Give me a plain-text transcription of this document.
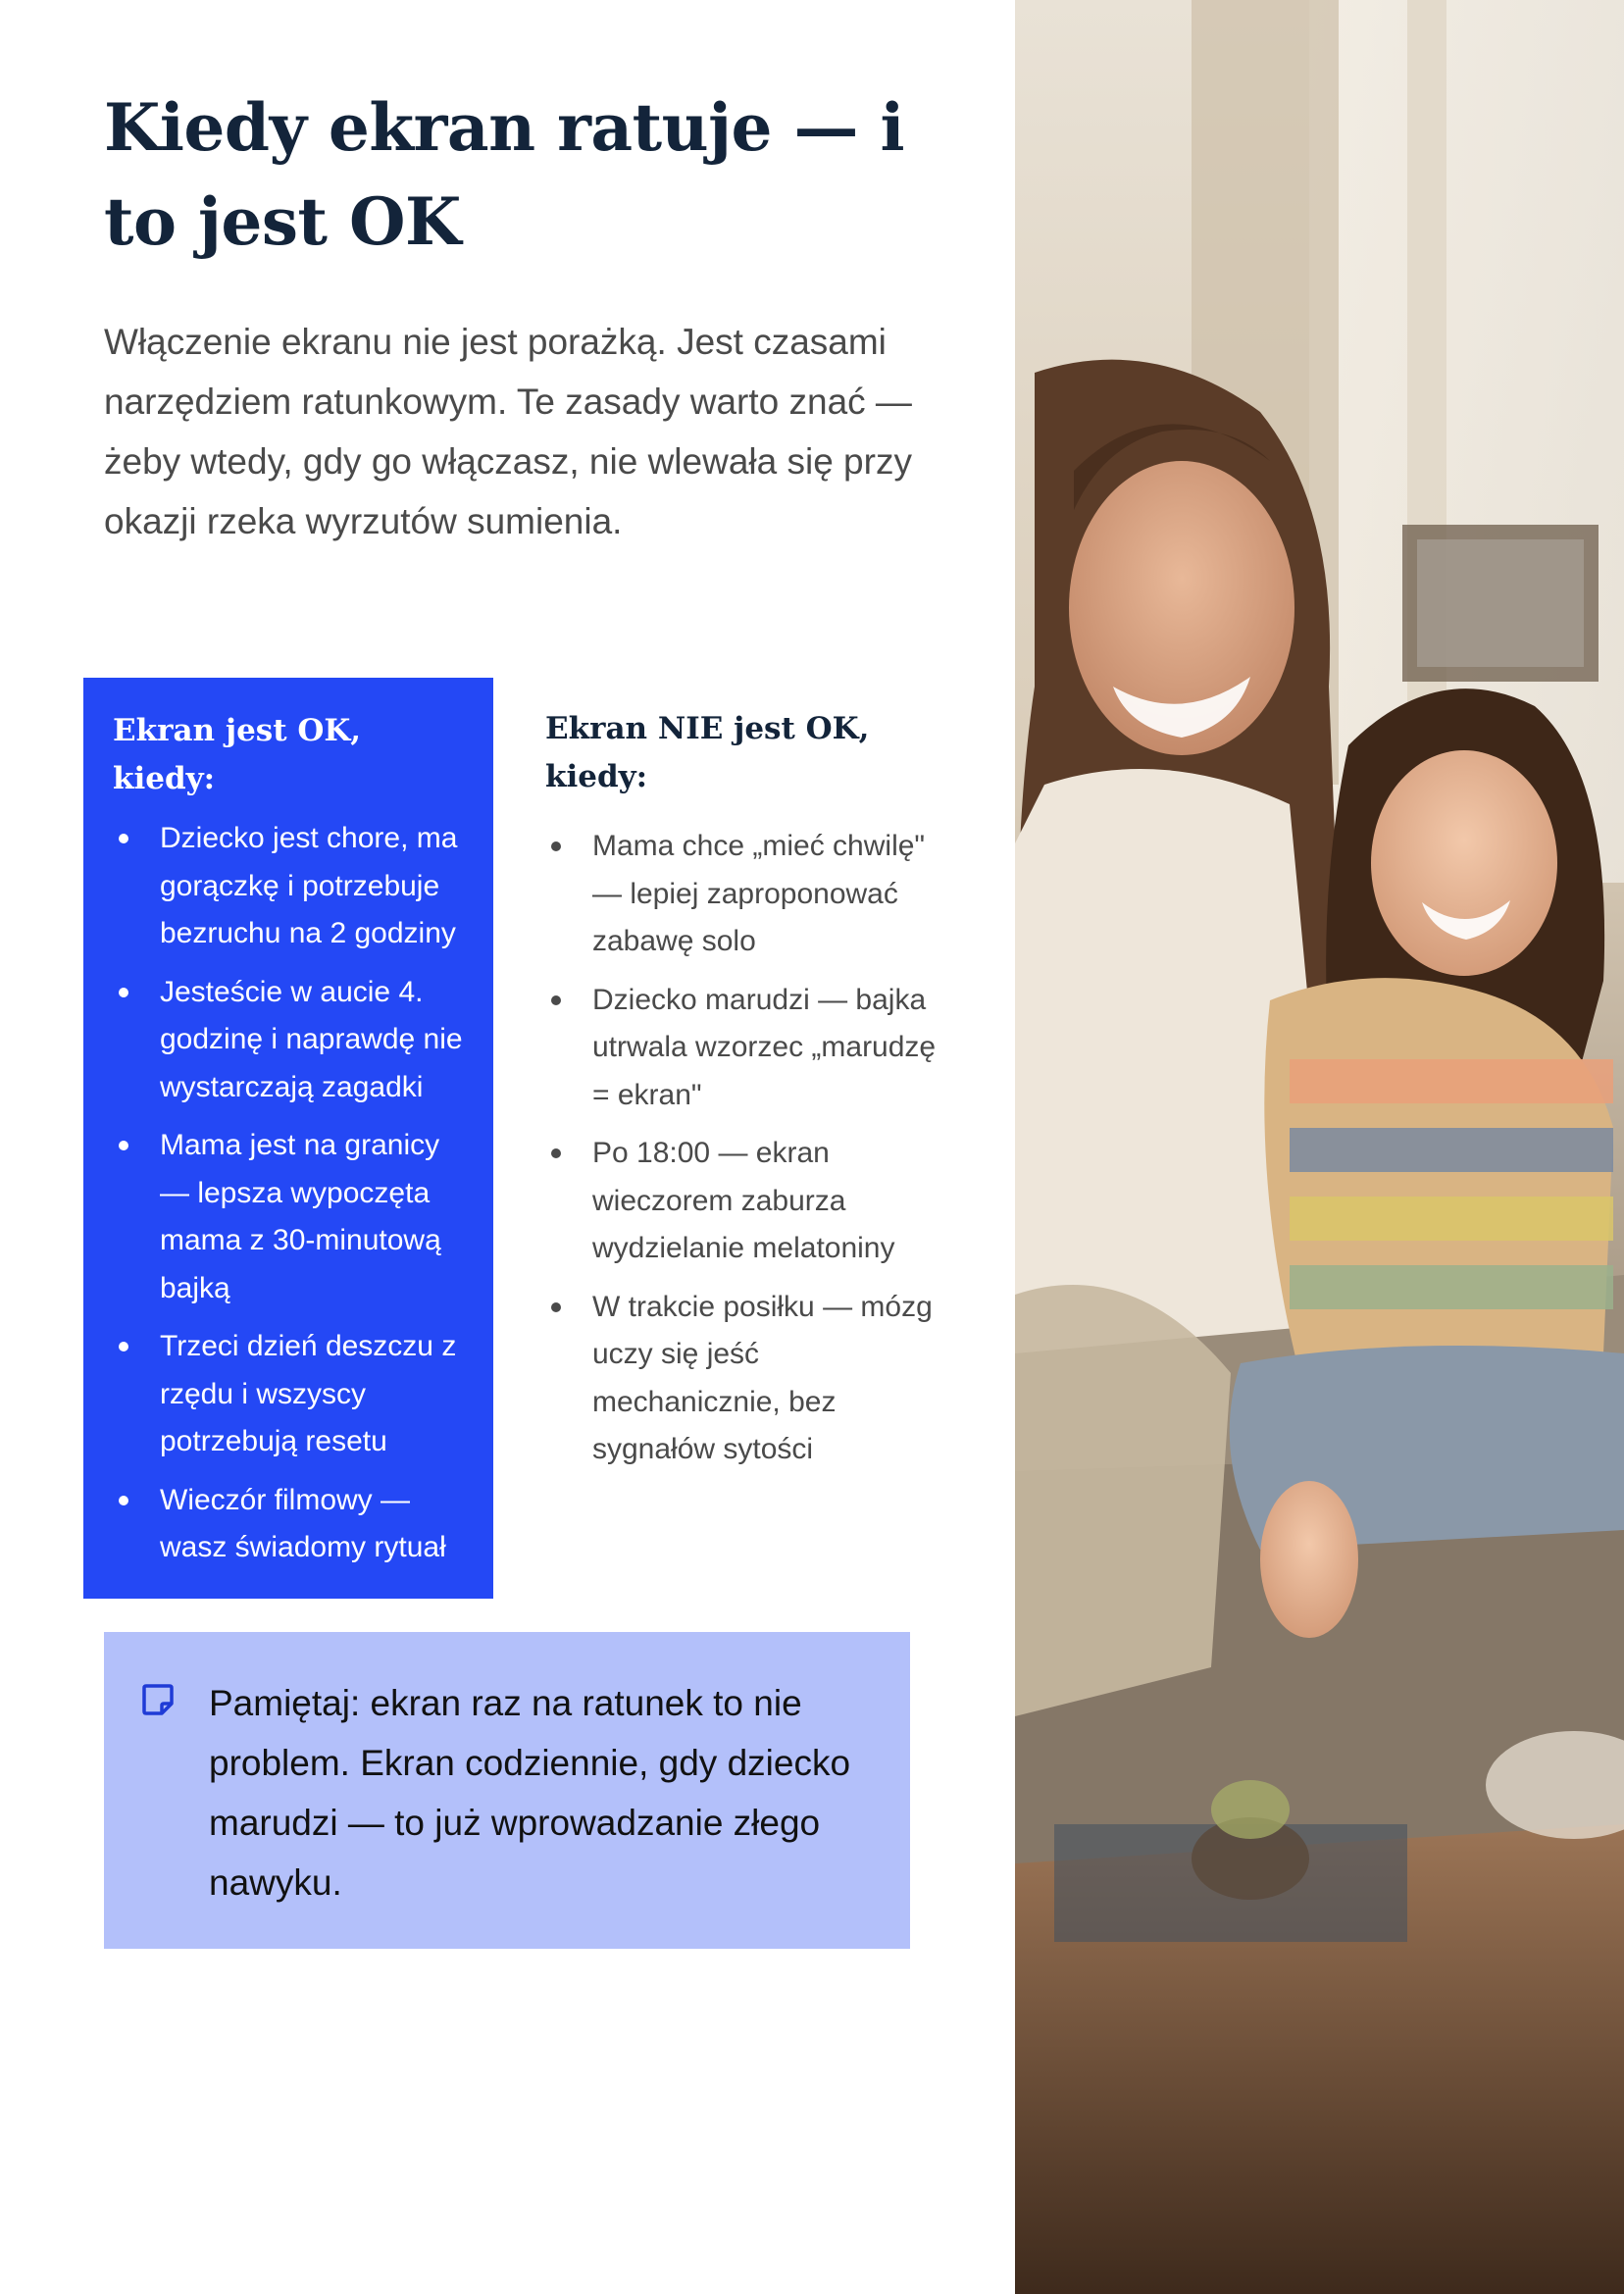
Kiedy ekran ratuje — i to jest OK

Włączenie ekranu nie jest porażką. Jest czasami narzędziem ratunkowym. Te zasady warto znać — żeby wtedy, gdy go włączasz, nie wlewała się przy okazji rzeka wyrzutów sumienia.

Ekran jest OK, kiedy:
Dziecko jest chore, ma gorączkę i potrzebuje bezruchu na 2 godziny
Jesteście w aucie 4. godzinę i naprawdę nie wystarczają zagadki
Mama jest na granicy — lepsza wypoczęta mama z 30-minutową bajką
Trzeci dzień deszczu z rzędu i wszyscy potrzebują resetu
Wieczór filmowy — wasz świadomy rytuał
Ekran NIE jest OK, kiedy:
Mama chce „mieć chwilę" — lepiej zaproponować zabawę solo
Dziecko marudzi — bajka utrwala wzorzec „marudzę = ekran"
Po 18:00 — ekran wieczorem zaburza wydzielanie melatoniny
W trakcie posiłku — mózg uczy się jeść mechanicznie, bez sygnałów sytości

Pamiętaj: ekran raz na ratunek to nie problem. Ekran codziennie, gdy dziecko marudzi — to już wprowadzanie złego nawyku.
